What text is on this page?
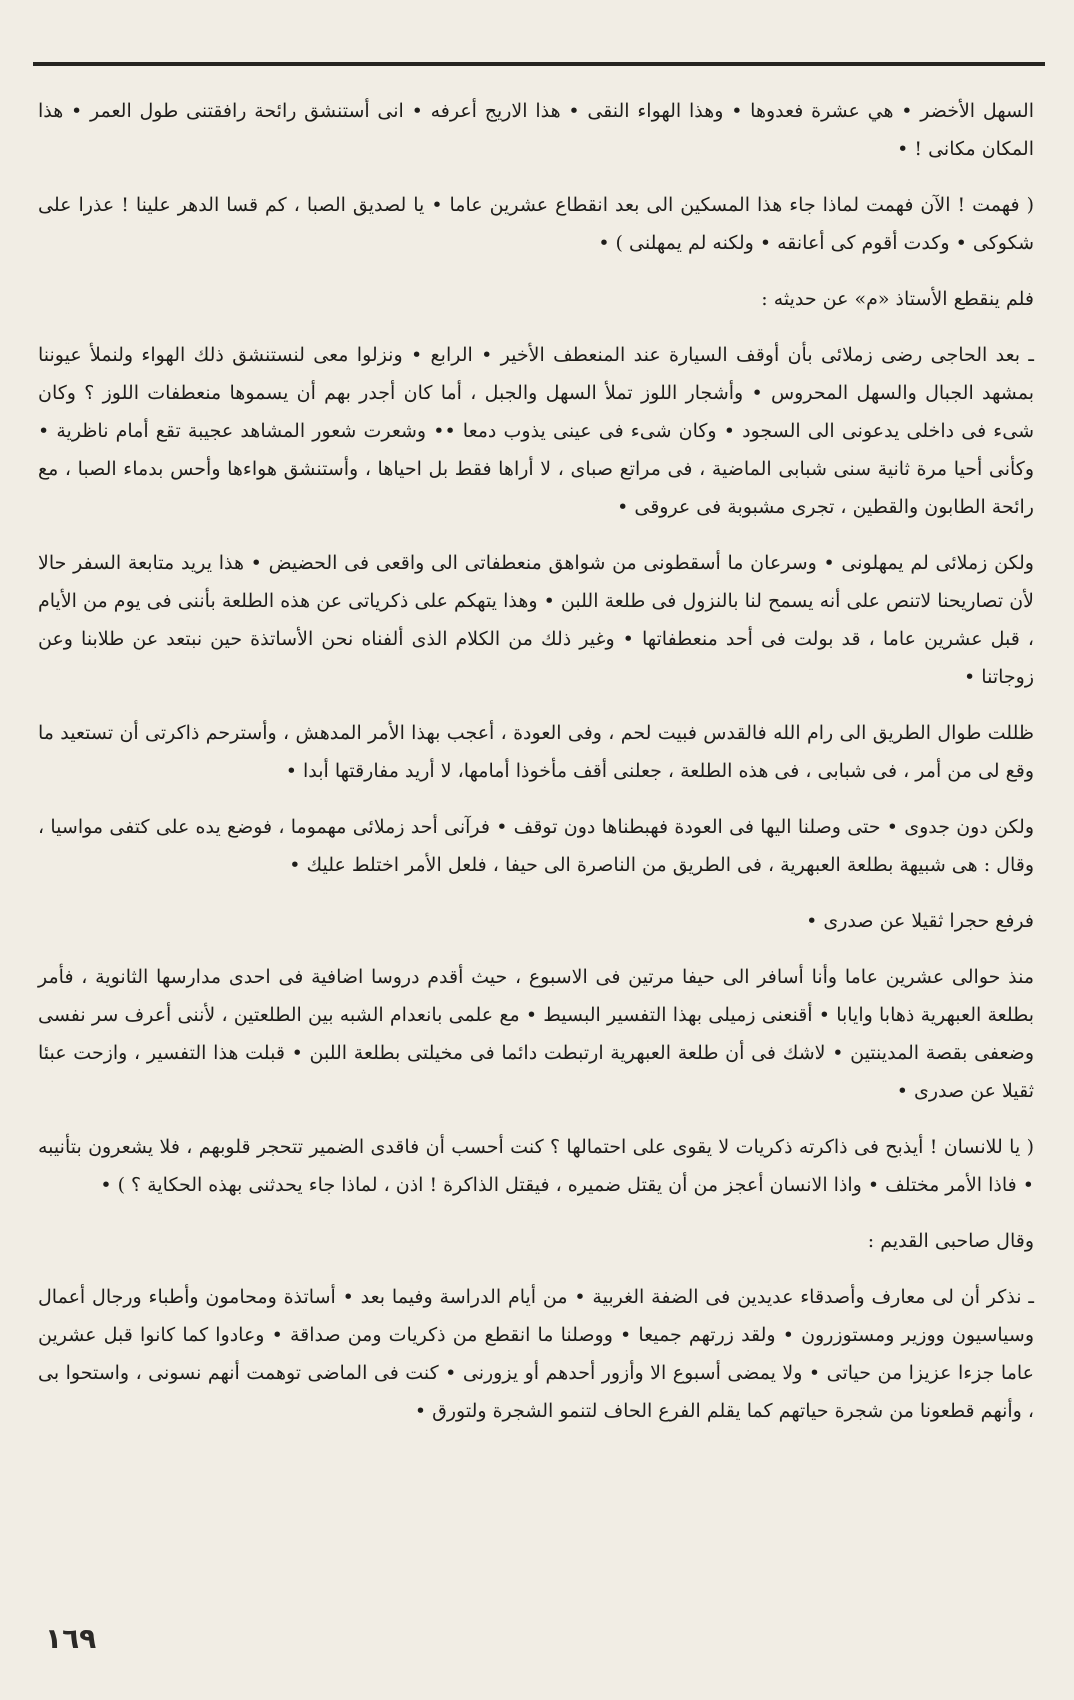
السهل الأخضر • هي عشرة فعدوها • وهذا الهواء النقى • هذا الاريج أعرفه • انى أستنشق رائحة رافقتنى طول العمر • هذا المكان مكانى ! •

( فهمت ! الآن فهمت لماذا جاء هذا المسكين الى بعد انقطاع عشرين عاما • يا لصديق الصبا ، كم قسا الدهر علينا ! عذرا على شكوكى • وكدت أقوم كى أعانقه • ولكنه لم يمهلنى ) •

فلم ينقطع الأستاذ «م» عن حديثه :

ـ بعد الحاجى رضى زملائى بأن أوقف السيارة عند المنعطف الأخير • الرابع • ونزلوا معى لنستنشق ذلك الهواء ولنملأ عيوننا بمشهد الجبال والسهل المحروس • وأشجار اللوز تملأ السهل والجبل ، أما كان أجدر بهم أن يسموها منعطفات اللوز ؟ وكان شىء فى داخلى يدعونى الى السجود • وكان شىء فى عينى يذوب دمعا •• وشعرت شعور المشاهد عجيبة تقع أمام ناظرية • وكأنى أحيا مرة ثانية سنى شبابى الماضية ، فى مراتع صباى ، لا أراها فقط بل احياها ، وأستنشق هواءها وأحس بدماء الصبا ، مع رائحة الطابون والقطين ، تجرى مشبوبة فى عروقى •

ولكن زملائى لم يمهلونى • وسرعان ما أسقطونى من شواهق منعطفاتى الى واقعى فى الحضيض • هذا يريد متابعة السفر حالا لأن تصاريحنا لاتنص على أنه يسمح لنا بالنزول فى طلعة اللبن • وهذا يتهكم على ذكرياتى عن هذه الطلعة بأننى فى يوم من الأيام ، قبل عشرين عاما ، قد بولت فى أحد منعطفاتها • وغير ذلك من الكلام الذى ألفناه نحن الأساتذة حين نبتعد عن طلابنا وعن زوجاتنا •

ظللت طوال الطريق الى رام الله فالقدس فبيت لحم ، وفى العودة ، أعجب بهذا الأمر المدهش ، وأسترحم ذاكرتى أن تستعيد ما وقع لى من أمر ، فى شبابى ، فى هذه الطلعة ، جعلنى أقف مأخوذا أمامها، لا أريد مفارقتها أبدا •

ولكن دون جدوى • حتى وصلنا اليها فى العودة فهبطناها دون توقف • فرآنى أحد زملائى مهموما ، فوضع يده على كتفى مواسيا ، وقال : هى شبيهة بطلعة العبهرية ، فى الطريق من الناصرة الى حيفا ، فلعل الأمر اختلط عليك •

فرفع حجرا ثقيلا عن صدرى •

منذ حوالى عشرين عاما وأنا أسافر الى حيفا مرتين فى الاسبوع ، حيث أقدم دروسا اضافية فى احدى مدارسها الثانوية ، فأمر بطلعة العبهرية ذهابا وايابا • أقنعنى زميلى بهذا التفسير البسيط • مع علمى بانعدام الشبه بين الطلعتين ، لأننى أعرف سر نفسى وضعفى بقصة المدينتين • لاشك فى أن طلعة العبهرية ارتبطت دائما فى مخيلتى بطلعة اللبن • قبلت هذا التفسير ، وازحت عبئا ثقيلا عن صدرى •

( يا للانسان ! أيذبح فى ذاكرته ذكريات لا يقوى على احتمالها ؟ كنت أحسب أن فاقدى الضمير تتحجر قلوبهم ، فلا يشعرون بتأنيبه • فاذا الأمر مختلف • واذا الانسان أعجز من أن يقتل ضميره ، فيقتل الذاكرة ! اذن ، لماذا جاء يحدثنى بهذه الحكاية ؟ ) •

وقال صاحبى القديم :

ـ نذكر أن لى معارف وأصدقاء عديدين فى الضفة الغربية • من أيام الدراسة وفيما بعد • أساتذة ومحامون وأطباء ورجال أعمال وسياسيون ووزير ومستوزرون • ولقد زرتهم جميعا • ووصلنا ما انقطع من ذكريات ومن صداقة • وعادوا كما كانوا قبل عشرين عاما جزءا عزيزا من حياتى • ولا يمضى أسبوع الا وأزور أحدهم أو يزورنى • كنت فى الماضى توهمت أنهم نسونى ، واستحوا بى ، وأنهم قطعونا من شجرة حياتهم كما يقلم الفرع الحاف لتنمو الشجرة ولتورق •

١٦٩
